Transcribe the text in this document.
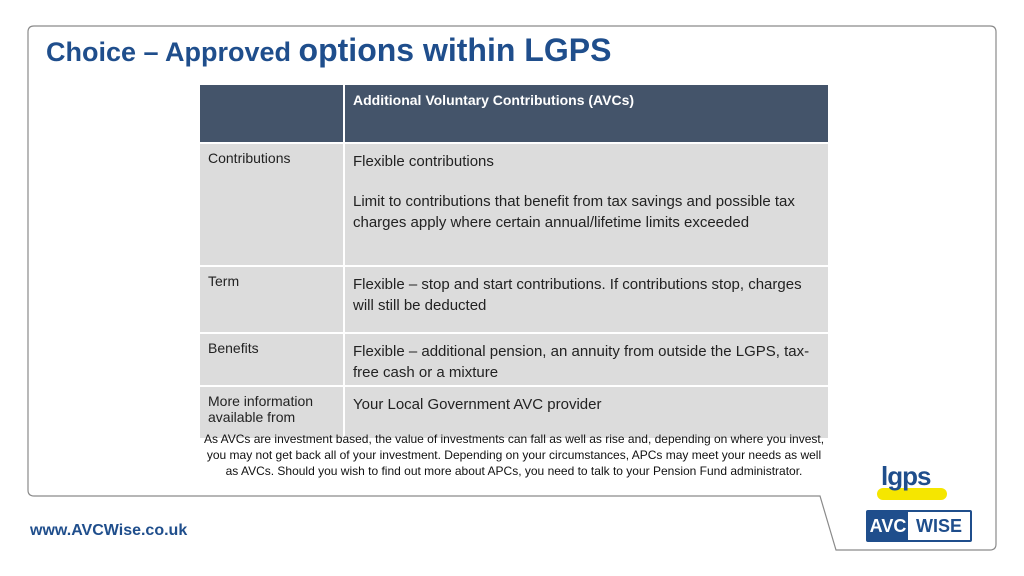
Choice – Approved options within LGPS
	Additional Voluntary Contributions (AVCs)
Contributions	Flexible contributions
Limit to contributions that benefit from tax savings and possible tax charges apply where certain annual/lifetime limits exceeded
Term	Flexible – stop and start contributions. If contributions stop, charges will still be deducted
Benefits	Flexible – additional pension, an annuity from outside the LGPS, tax-free cash or a mixture
More information available from	Your Local Government AVC provider
As AVCs are investment based, the value of investments can fall as well as rise and, depending on where you invest, you may not get back all of your investment. Depending on your circumstances, APCs may meet your needs as well as AVCs. Should you wish to find out more about APCs, you need to talk to your Pension Fund administrator.
www.AVCWise.co.uk
lgps
AVC WISE
